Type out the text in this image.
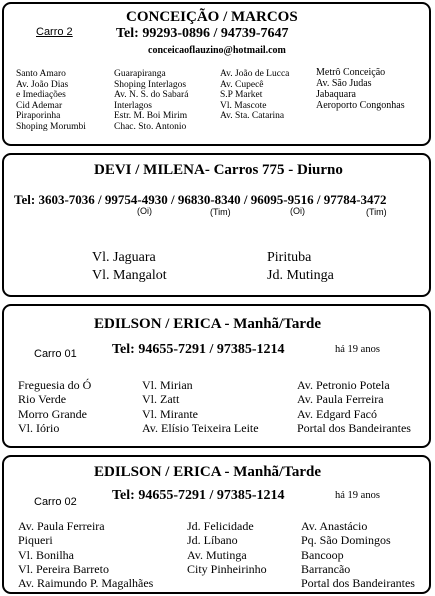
CONCEIÇÃO / MARCOS
Carro 2	Tel: 99293-0896 / 94739-7647
conceicaoflauzino@hotmail.com
Santo Amaro
Av. João Dias
e Imediações
Cid Ademar
Piraporinha
Shoping Morumbi
Guarapiranga
Shoping Interlagos
Av. N. S. do Sabará
Interlagos
Estr. M. Boi Mirim
Chac. Sto. Antonio
Av. João de Lucca
Av. Cupecê
S.P Market
Vl. Mascote
Av. Sta. Catarina
Metrô Conceição
Av. São Judas
Jabaquara
Aeroporto Congonhas
DEVI / MILENA- Carros 775 - Diurno
Tel: 3603-7036 / 99754-4930 / 96830-8340 / 96095-9516 / 97784-3472
(Oi)	(Tim)	(Oi)	(Tim)
Vl. Jaguara
Vl. Mangalot
Pirituba
Jd. Mutinga
EDILSON / ERICA - Manhã/Tarde
Carro 01	Tel: 94655-7291 / 97385-1214	há 19 anos
Freguesia do Ó
Rio Verde
Morro Grande
Vl. Iório
Vl. Mirian
Vl. Zatt
Vl. Mirante
Av. Elísio Teixeira Leite
Av. Petronio Potela
Av. Paula Ferreira
Av. Edgard Facó
Portal dos Bandeirantes
EDILSON / ERICA - Manhã/Tarde
Carro 02	Tel: 94655-7291 / 97385-1214	há 19 anos
Av. Paula Ferreira
Piqueri
Vl. Bonilha
Vl. Pereira Barreto
Av. Raimundo P. Magalhães
Jd. Felicidade
Jd. Líbano
Av. Mutinga
City Pinheirinho
Av. Anastácio
Pq. São Domingos
Bancoop
Barrancão
Portal dos Bandeirantes
